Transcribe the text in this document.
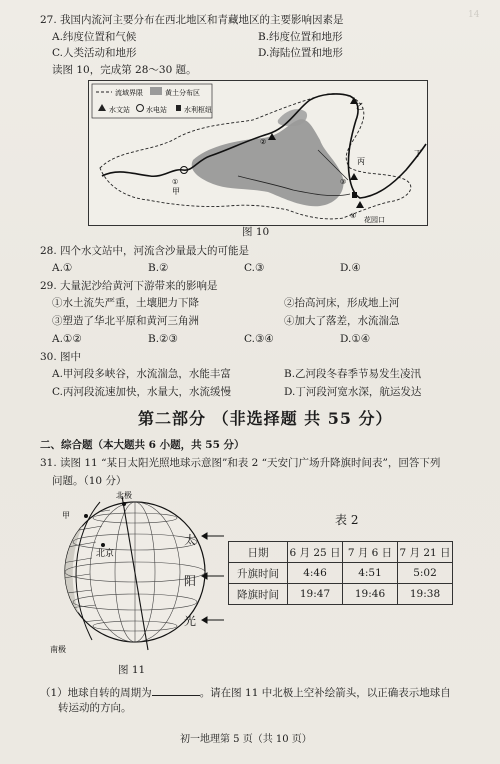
14
27. 我国内流河主要分布在西北地区和青藏地区的主要影响因素是
A.纬度位置和气候	B.纬度位置和地形
C.人类活动和地形	D.海陆位置和地形
读图 10，完成第 28～30 题。
流域界限	黄土分布区
水文站 水电站 水利枢纽
①
甲
②
乙
丙
③
④ 花园口
丁
图 10
28. 四个水文站中，河流含沙量最大的可能是
A.①	B.②	C.③	D.④
29. 大量泥沙给黄河下游带来的影响是
①水土流失严重，土壤肥力下降	②抬高河床，形成地上河
③塑造了华北平原和黄河三角洲	④加大了落差，水流湍急
A.①②	B.②③	C.③④	D.①④
30. 图中
A.甲河段多峡谷，水流湍急，水能丰富	B.乙河段冬春季节易发生凌汛
C.丙河段流速加快，水量大，水流缓慢	D.丁河段河宽水深，航运发达
第二部分 （非选择题 共 55 分）
二、综合题（本大题共 6 小题，共 55 分）
31. 读图 11 “某日太阳光照地球示意图”和表 2 “天安门广场升降旗时间表”，回答下列
问题。（10 分）
北极
甲
北京
南极
太
阳
光
图 11
表 2
日期	6 月 25 日	7 月 6 日	7 月 21 日
升旗时间	4:46	4:51	5:02
降旗时间	19:47	19:46	19:38
（1）地球自转的周期为	。请在图 11 中北极上空补绘箭头，以正确表示地球自
转运动的方向。
初一地理第 5 页（共 10 页）
